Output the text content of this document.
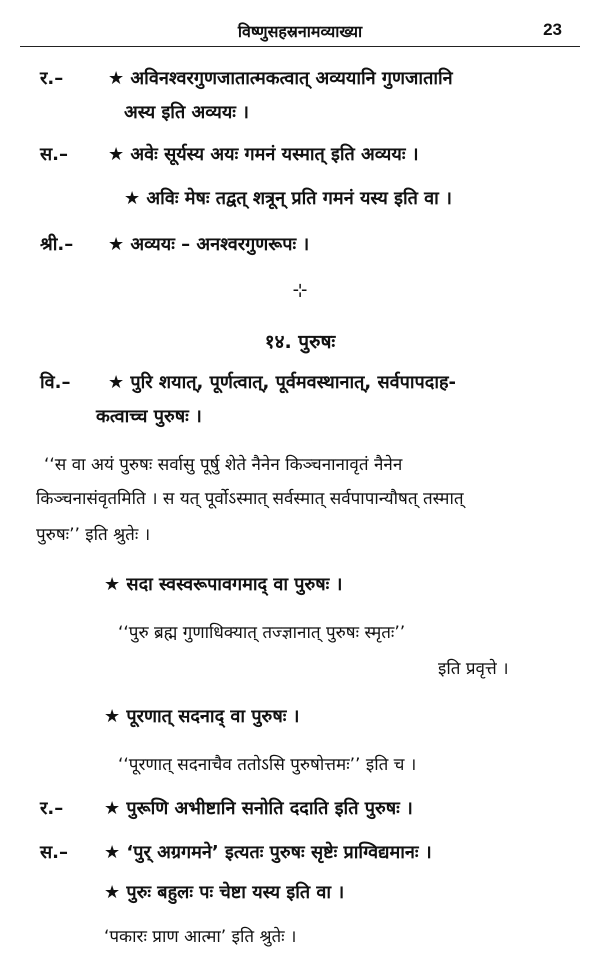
विष्णुसहस्रनामव्याख्या	23
र.– ★ अविनश्वरगुणजातात्मकत्वात् अव्ययानि गुणजातानि
अस्य इति अव्ययः ।
स.– ★ अवेः सूर्यस्य अयः गमनं यस्मात् इति अव्ययः ।
★ अविः मेषः तद्वत् शत्रून् प्रति गमनं यस्य इति वा ।
श्री.– ★ अव्ययः – अनश्वरगुणरूपः ।
⊹
१४. पुरुषः
वि.– ★ पुरि शयात्, पूर्णत्वात्, पूर्वमवस्थानात्, सर्वपापदाह-
कत्वाच्च पुरुषः ।
‘‘स वा अयं पुरुषः सर्वासु पूर्षु शेते नैनेन किञ्चनानावृतं नैनेन
किञ्चनासंवृतमिति । स यत् पूर्वोऽस्मात् सर्वस्मात् सर्वपापान्यौषत् तस्मात्
पुरुषः’’ इति श्रुतेः ।
★ सदा स्वस्वरूपावगमाद् वा पुरुषः ।
‘‘पुरु ब्रह्म गुणाधिक्यात् तज्ज्ञानात् पुरुषः स्मृतः’’
इति प्रवृत्ते ।
★ पूरणात् सदनाद् वा पुरुषः ।
‘‘पूरणात् सदनाचैव ततोऽसि पुरुषोत्तमः’’ इति च ।
र.– ★ पुरूणि अभीष्टानि सनोति ददाति इति पुरुषः ।
स.– ★ ‘पुर् अग्रगमने’ इत्यतः पुरुषः सृष्टेः प्राग्विद्यमानः ।
★ पुरुः बहुलः पः चेष्टा यस्य इति वा ।
‘पकारः प्राण आत्मा’ इति श्रुतेः ।
